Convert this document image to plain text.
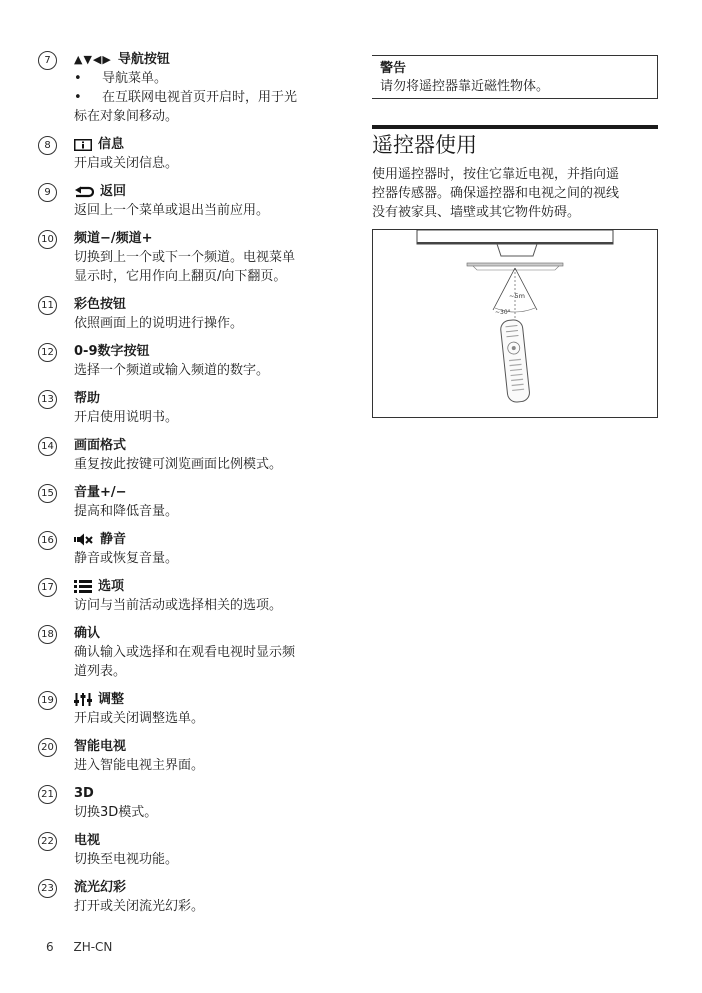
7	▲▼◀▶ 导航按钮
• 导航菜单。
• 在互联网电视首页开启时，用于光
标在对象间移动。
8	信息
开启或关闭信息。
9	返回
返回上一个菜单或退出当前应用。
10 频道−/频道+
切换到上一个或下一个频道。电视菜单
显示时，它用作向上翻页/向下翻页。
11 彩色按钮
依照画面上的说明进行操作。
12 0-9数字按钮
选择一个频道或输入频道的数字。
13 帮助
开启使用说明书。
14 画面格式
重复按此按键可浏览画面比例模式。
15 音量+/−
提高和降低音量。
16	静音
静音或恢复音量。
17	选项
访问与当前活动或选择相关的选项。
18 确认
确认输入或选择和在观看电视时显示频
道列表。
19	调整
开启或关闭调整选单。
20 智能电视
进入智能电视主界面。
21 3D
切换3D模式。
22 电视
切换至电视功能。
23 流光幻彩
打开或关闭流光幻彩。
警告
请勿将遥控器靠近磁性物体。
遥控器使用
使用遥控器时，按住它靠近电视，并指向遥
控器传感器。确保遥控器和电视之间的视线
没有被家具、墙壁或其它物件妨碍。
~5m
~30°
6 ZH-CN
